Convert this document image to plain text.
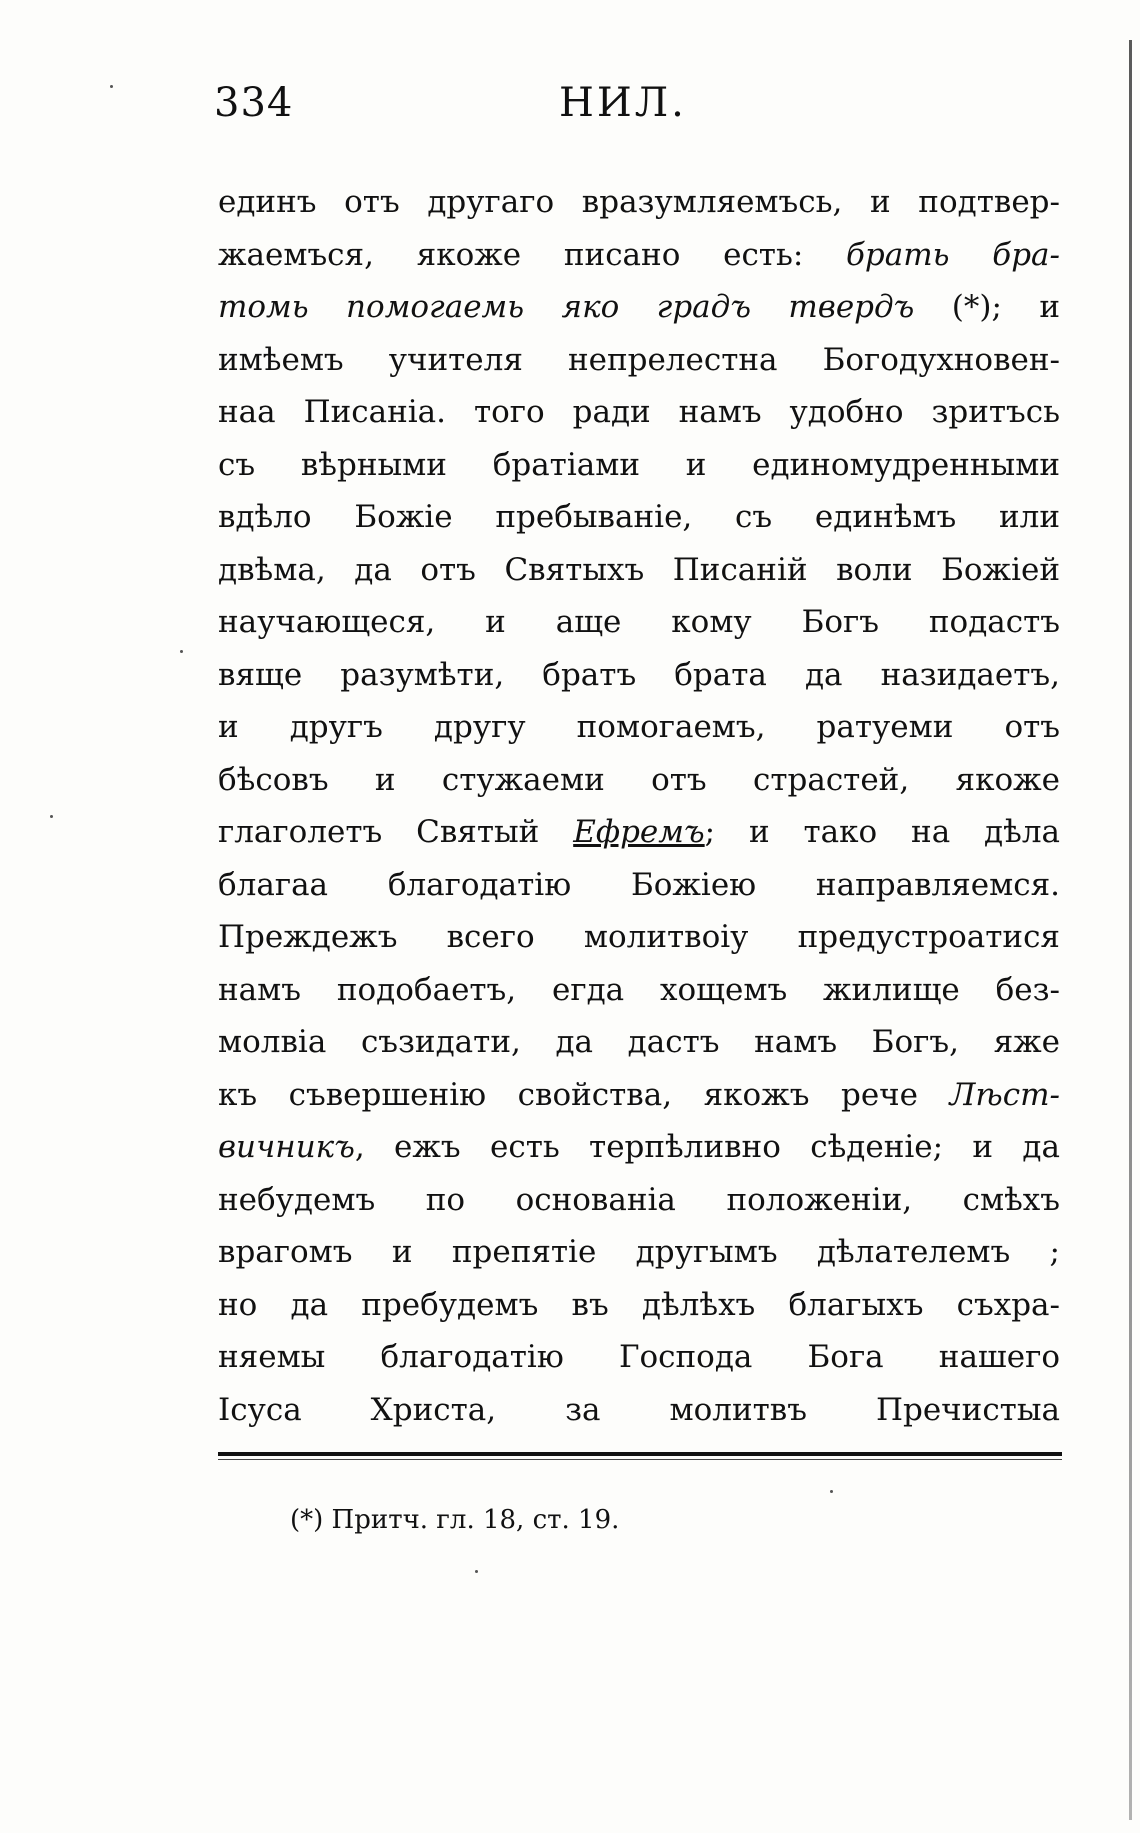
334	НИЛ.
единъ отъ другаго вразумляемъсь, и подтвер-
жаемъся, якоже писано есть: брать бра-
томь помогаемь яко градъ твердъ (*); и
имѣемъ учителя непрелестна Богодухновен-
наа Писаніа. того ради намъ удобно зритъсь
съ вѣрными братіами и единомудренными
вдѣло Божіе пребываніе, съ единѣмъ или
двѣма, да отъ Святыхъ Писаній воли Божіей
научающеся, и аще кому Богъ подастъ
вяще разумѣти, братъ брата да назидаетъ,
и другъ другу помогаемъ, ратуеми отъ
бѣсовъ и стужаеми отъ страстей, якоже
глаголетъ Святый Ефремъ; и тако на дѣла
благаа благодатію Божіею направляемся.
Преждежъ всего молитвоіу предустроатися
намъ подобаетъ, егда хощемъ жилище без-
молвіа съзидати, да дастъ намъ Богъ, яже
къ съвершенію свойства, якожъ рече Лѣст-
вичникъ, ежъ есть терпѣливно сѣденіе; и да
небудемъ по основаніа положеніи, смѣхъ
врагомъ и препятіе другымъ дѣлателемъ ;
но да пребудемъ въ дѣлѣхъ благыхъ съхра-
няемы благодатію Господа Бога нашего
Ісуса Христа, за молитвъ Пречистыа
(*) Притч. гл. 18, ст. 19.
